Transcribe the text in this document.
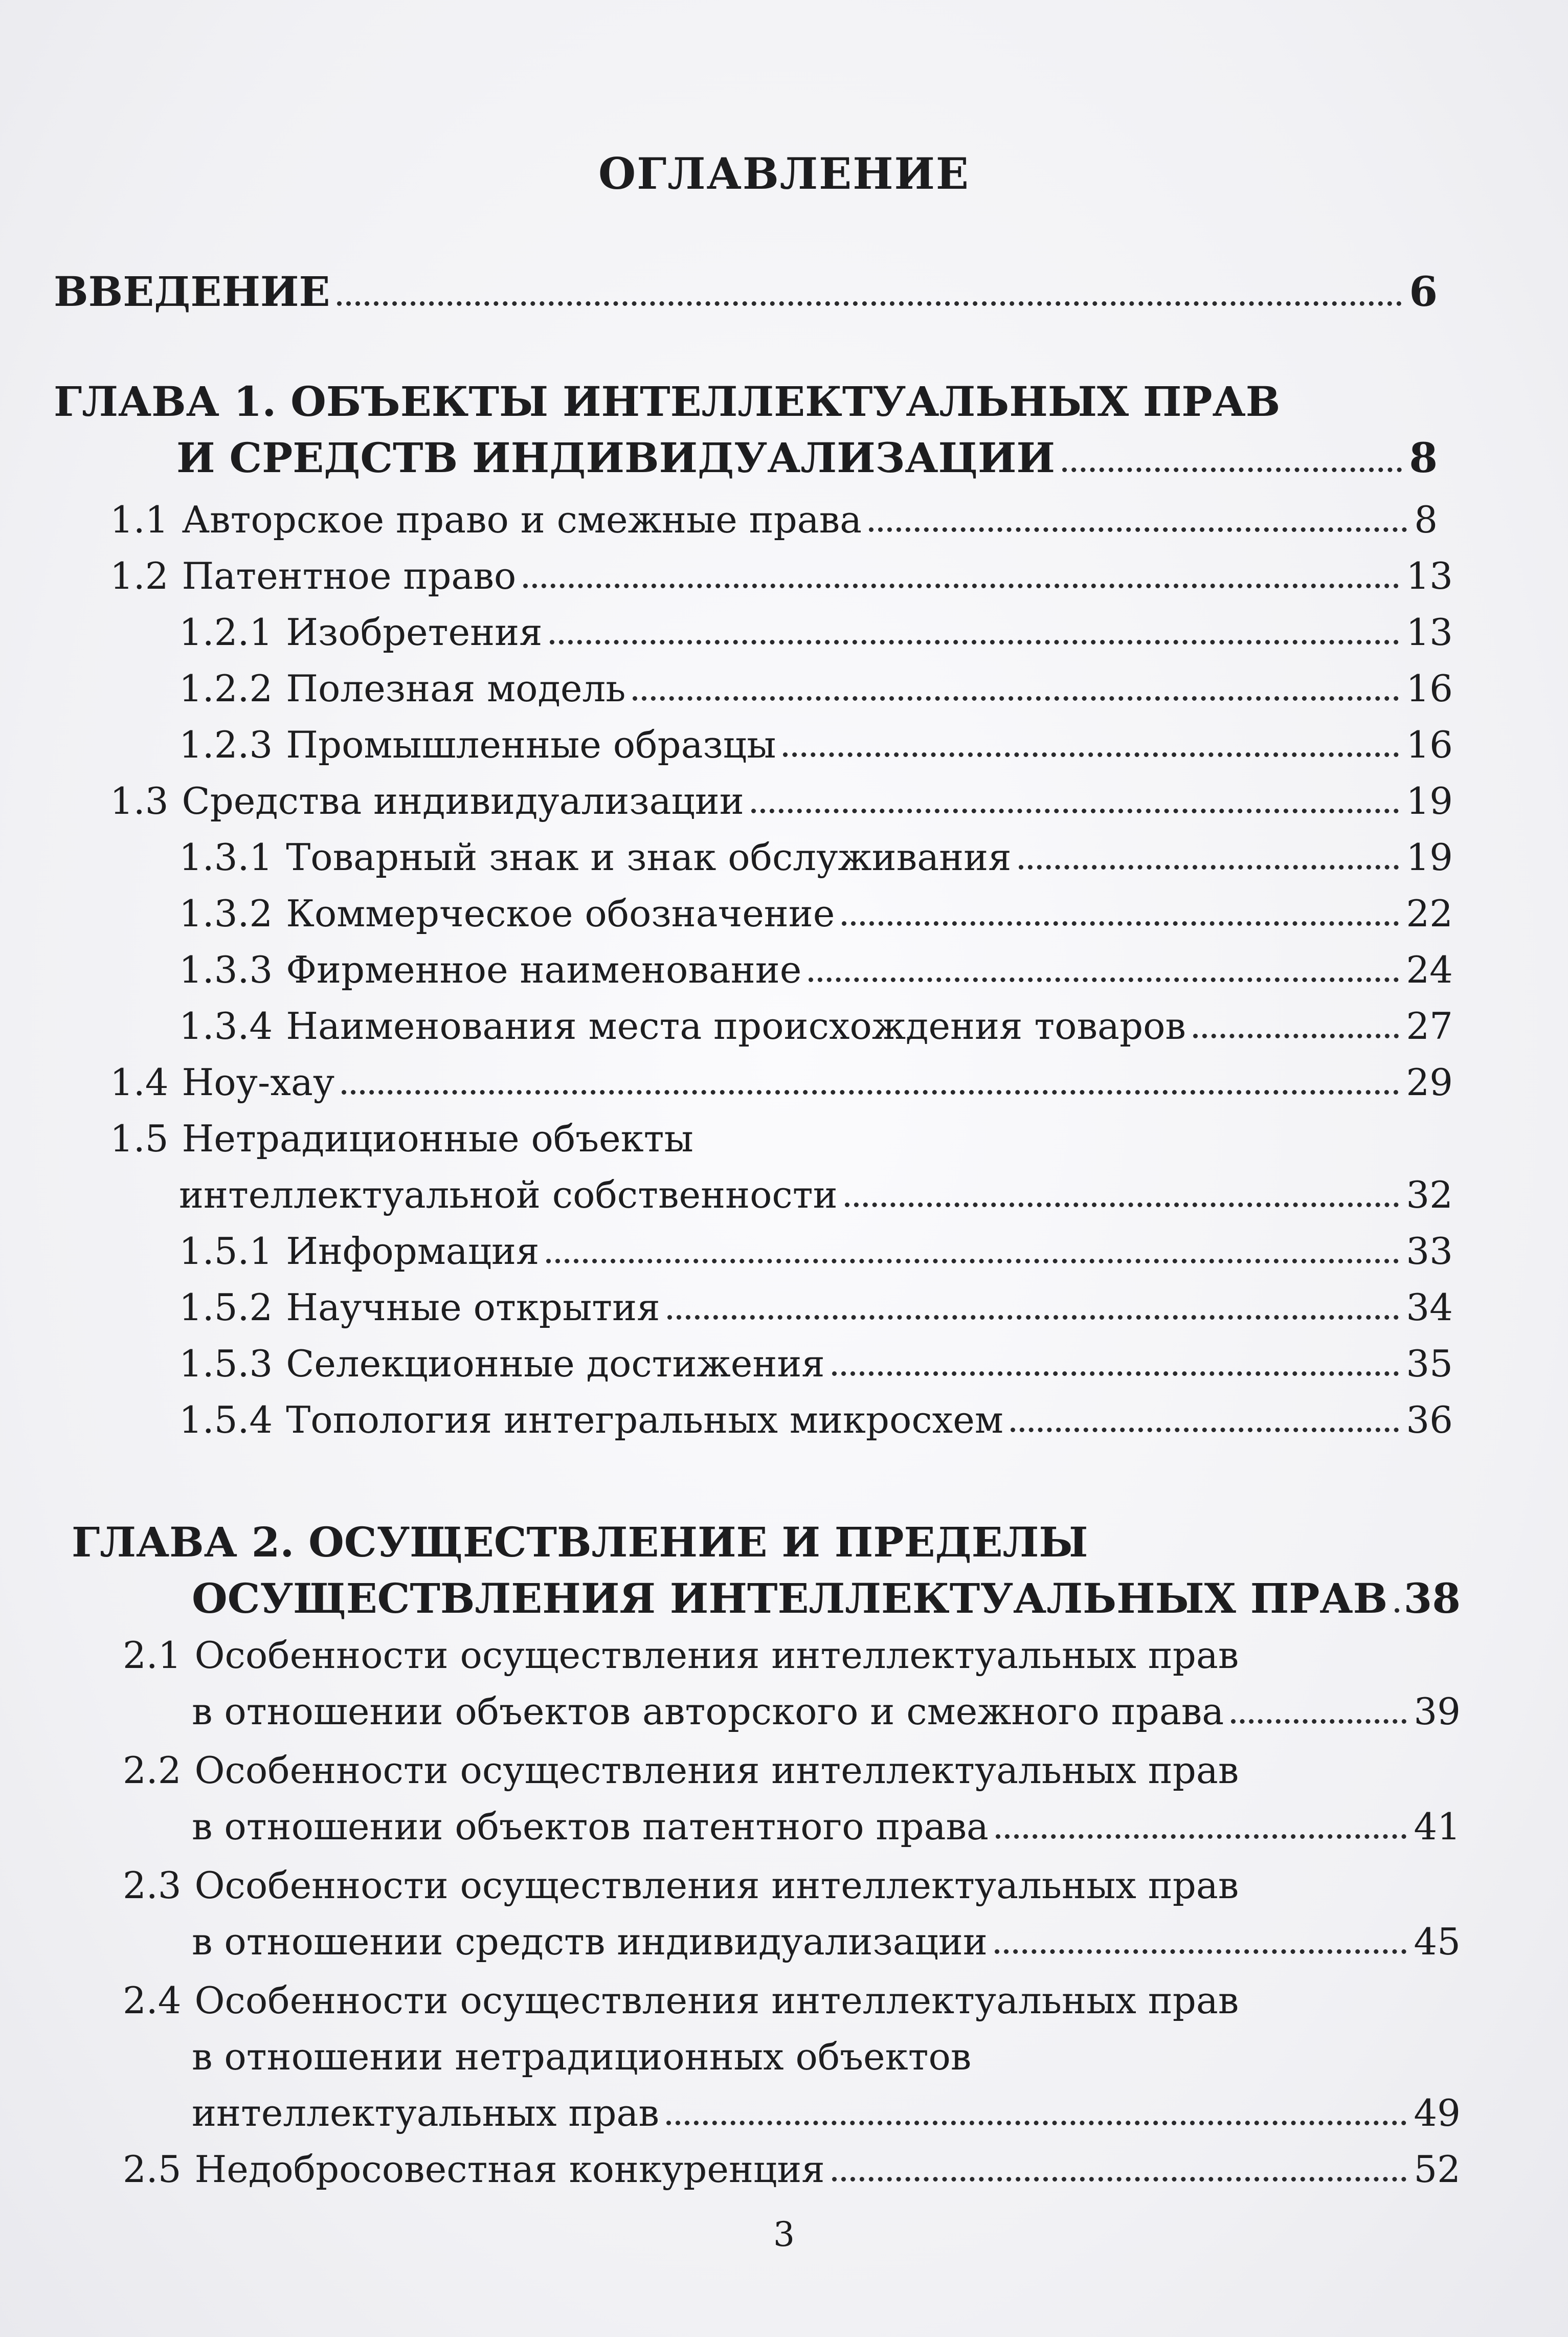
ОГЛАВЛЕНИЕ
ВВЕДЕНИЕ	6
ГЛАВА 1. ОБЪЕКТЫ ИНТЕЛЛЕКТУАЛЬНЫХ ПРАВ
И СРЕДСТВ ИНДИВИДУАЛИЗАЦИИ	8
1.1 Авторское право и смежные права	8
1.2 Патентное право	13
1.2.1 Изобретения	13
1.2.2 Полезная модель	16
1.2.3 Промышленные образцы	16
1.3 Средства индивидуализации	19
1.3.1 Товарный знак и знак обслуживания	19
1.3.2 Коммерческое обозначение	22
1.3.3 Фирменное наименование	24
1.3.4 Наименования места происхождения товаров	27
1.4 Ноу-хау	29
1.5 Нетрадиционные объекты
интеллектуальной собственности	32
1.5.1 Информация	33
1.5.2 Научные открытия	34
1.5.3 Селекционные достижения	35
1.5.4 Топология интегральных микросхем	36
ГЛАВА 2. ОСУЩЕСТВЛЕНИЕ И ПРЕДЕЛЫ
ОСУЩЕСТВЛЕНИЯ ИНТЕЛЛЕКТУАЛЬНЫХ ПРАВ 38
2.1 Особенности осуществления интеллектуальных прав
в отношении объектов авторского и смежного права	39
2.2 Особенности осуществления интеллектуальных прав
в отношении объектов патентного права	41
2.3 Особенности осуществления интеллектуальных прав
в отношении средств индивидуализации	45
2.4 Особенности осуществления интеллектуальных прав
в отношении нетрадиционных объектов
интеллектуальных прав	49
2.5 Недобросовестная конкуренция	52
3
